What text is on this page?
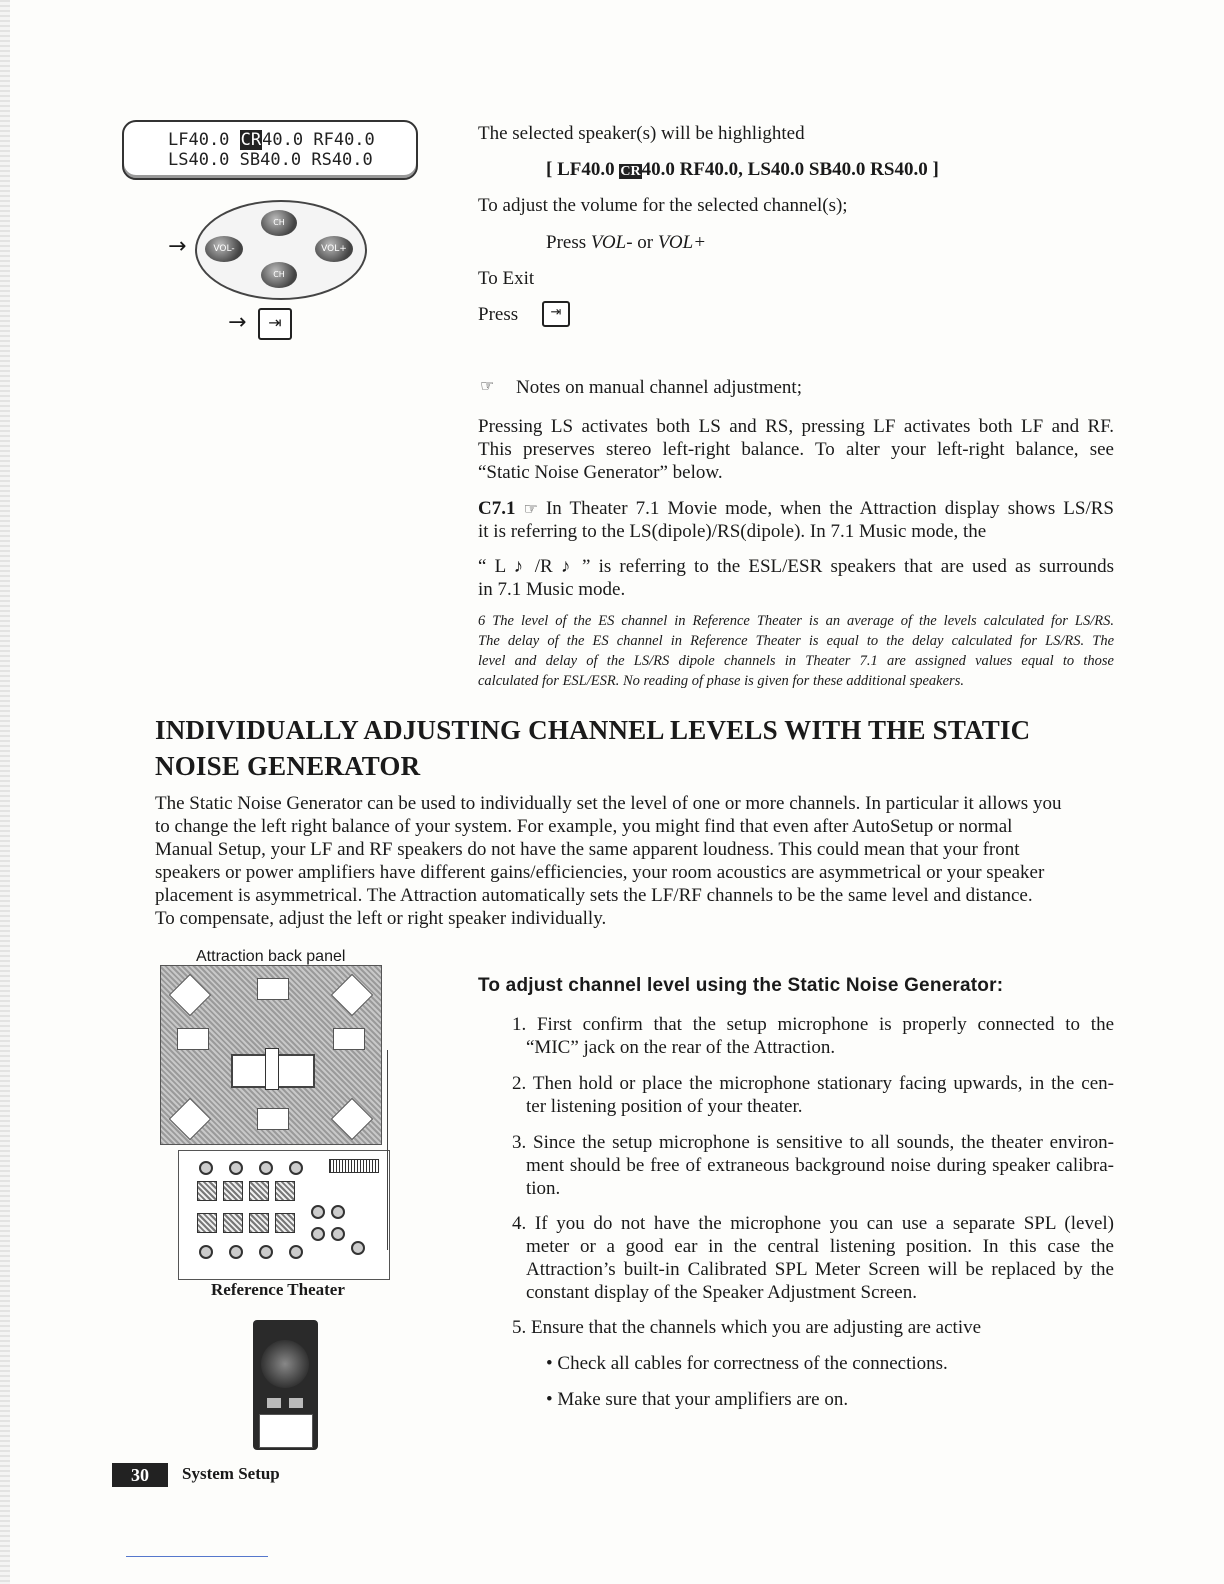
LF40.0 CR40.0 RF40.0
LS40.0 SB40.0 RS40.0
→
CH
VOL-	VOL+
CH
→	⇥
The selected speaker(s) will be highlighted
[ LF40.0 CR40.0 RF40.0, LS40.0 SB40.0 RS40.0 ]
To adjust the volume for the selected channel(s);
Press VOL- or VOL+
To Exit
Press	⇥
☞ Notes on manual channel adjustment;
Pressing LS activates both LS and RS, pressing LF activates both LF and RF.
This preserves stereo left-right balance. To alter your left-right balance, see
“Static Noise Generator” below.
C7.1 ☞ In Theater 7.1 Movie mode, when the Attraction display shows LS/RS
it is referring to the LS(dipole)/RS(dipole). In 7.1 Music mode, the
“ L ♪ /R ♪ ” is referring to the ESL/ESR speakers that are used as surrounds
in 7.1 Music mode.
6 The level of the ES channel in Reference Theater is an average of the levels calculated for LS/RS.
The delay of the ES channel in Reference Theater is equal to the delay calculated for LS/RS. The
level and delay of the LS/RS dipole channels in Theater 7.1 are assigned values equal to those
calculated for ESL/ESR. No reading of phase is given for these additional speakers.
INDIVIDUALLY ADJUSTING CHANNEL LEVELS WITH THE STATIC
NOISE GENERATOR
The Static Noise Generator can be used to individually set the level of one or more channels. In particular it allows you
to change the left right balance of your system. For example, you might find that even after AutoSetup or normal
Manual Setup, your LF and RF speakers do not have the same apparent loudness. This could mean that your front
speakers or power amplifiers have different gains/efficiencies, your room acoustics are asymmetrical or your speaker
placement is asymmetrical. The Attraction automatically sets the LF/RF channels to be the same level and distance.
To compensate, adjust the left or right speaker individually.
Attraction back panel
Reference Theater
To adjust channel level using the Static Noise Generator:
1. First confirm that the setup microphone is properly connected to the
“MIC” jack on the rear of the Attraction.
2. Then hold or place the microphone stationary facing upwards, in the cen-
ter listening position of your theater.
3. Since the setup microphone is sensitive to all sounds, the theater environ-
ment should be free of extraneous background noise during speaker calibra-
tion.
4. If you do not have the microphone you can use a separate SPL (level)
meter or a good ear in the central listening position. In this case the
Attraction’s built-in Calibrated SPL Meter Screen will be replaced by the
constant display of the Speaker Adjustment Screen.
5. Ensure that the channels which you are adjusting are active
• Check all cables for correctness of the connections.
• Make sure that your amplifiers are on.
30	System Setup
